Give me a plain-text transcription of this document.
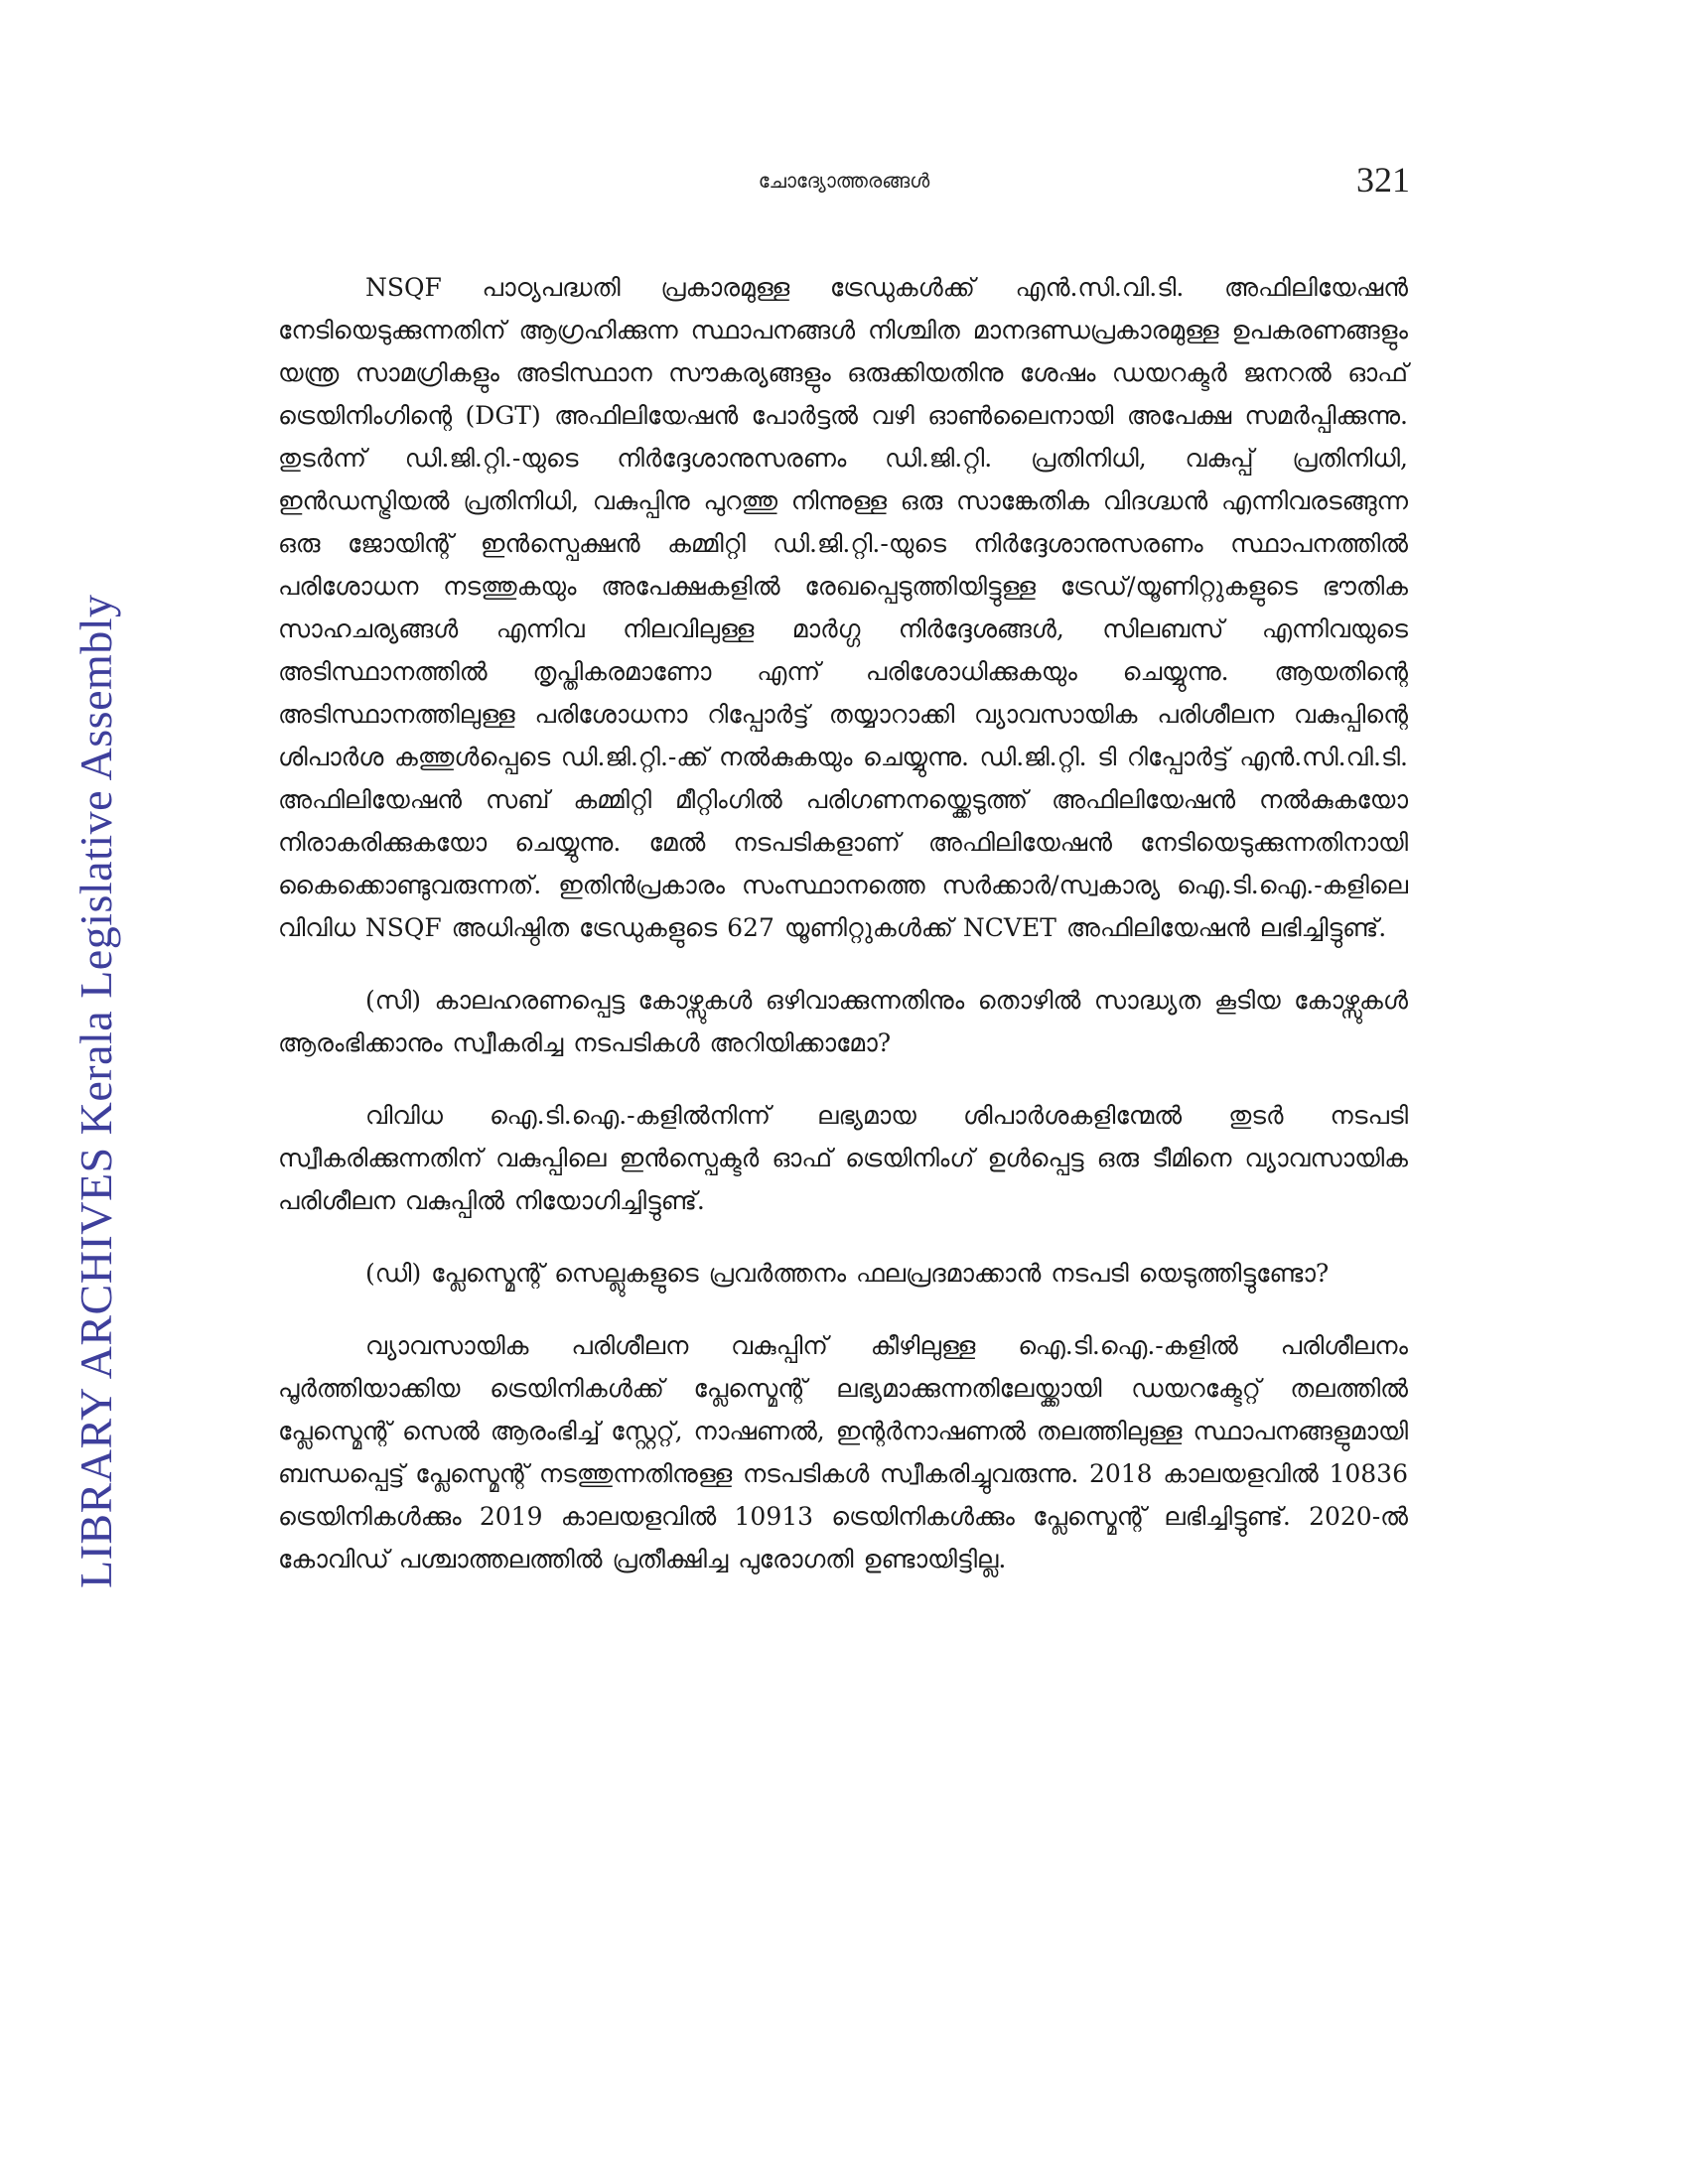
ചോദ്യോത്തരങ്ങൾ	321
LIBRARY ARCHIVES Kerala Legislative Assembly

NSQF പാഠ്യപദ്ധതി പ്രകാരമുള്ള ട്രേഡുകൾക്ക് എൻ.സി.വി.ടി. അഫിലിയേഷൻ നേടിയെടുക്കുന്നതിന് ആഗ്രഹിക്കുന്ന സ്ഥാപനങ്ങൾ നിശ്ചിത മാനദണ്ഡപ്രകാരമുള്ള ഉപകരണങ്ങളും യന്ത്ര സാമഗ്രികളും അടിസ്ഥാന സൗകര്യങ്ങളും ഒരുക്കിയതിനു ശേഷം ഡയറക്ടർ ജനറൽ ഓഫ് ട്രെയിനിംഗിന്റെ (DGT) അഫിലിയേഷൻ പോർട്ടൽ വഴി ഓൺലൈനായി അപേക്ഷ സമർപ്പിക്കുന്നു. തുടർന്ന് ഡി.ജി.റ്റി.-യുടെ നിർദ്ദേശാനുസരണം ഡി.ജി.റ്റി. പ്രതിനിധി, വകുപ്പ് പ്രതിനിധി, ഇൻഡസ്ട്രിയൽ പ്രതിനിധി, വകുപ്പിനു പുറത്തു നിന്നുള്ള ഒരു സാങ്കേതിക വിദഗ്ദ്ധൻ എന്നിവരടങ്ങുന്ന ഒരു ജോയിന്റ് ഇൻസ്പെക്ഷൻ കമ്മിറ്റി ഡി.ജി.റ്റി.-യുടെ നിർദ്ദേശാനുസരണം സ്ഥാപനത്തിൽ പരിശോധന നടത്തുകയും അപേക്ഷകളിൽ രേഖപ്പെടുത്തിയിട്ടുള്ള ട്രേഡ്/യൂണിറ്റുകളുടെ ഭൗതിക സാഹചര്യങ്ങൾ എന്നിവ നിലവിലുള്ള മാർഗ്ഗ നിർദ്ദേശങ്ങൾ, സിലബസ് എന്നിവയുടെ അടിസ്ഥാനത്തിൽ തൃപ്തികരമാണോ എന്ന് പരിശോധിക്കുകയും ചെയ്യുന്നു. ആയതിന്റെ അടിസ്ഥാനത്തിലുള്ള പരിശോധനാ റിപ്പോർട്ട് തയ്യാറാക്കി വ്യാവസായിക പരിശീലന വകുപ്പിന്റെ ശിപാർശ കത്തുൾപ്പെടെ ഡി.ജി.റ്റി.-ക്ക് നൽകുകയും ചെയ്യുന്നു. ഡി.ജി.റ്റി. ടി റിപ്പോർട്ട് എൻ.സി.വി.ടി. അഫിലിയേഷൻ സബ് കമ്മിറ്റി മീറ്റിംഗിൽ പരിഗണനയ്ക്കെടുത്ത് അഫിലിയേഷൻ നൽകുകയോ നിരാകരിക്കുകയോ ചെയ്യുന്നു. മേൽ നടപടികളാണ് അഫിലിയേഷൻ നേടിയെടുക്കുന്നതിനായി കൈക്കൊണ്ടുവരുന്നത്. ഇതിൻപ്രകാരം സംസ്ഥാനത്തെ സർക്കാർ/സ്വകാര്യ ഐ.ടി.ഐ.-കളിലെ വിവിധ NSQF അധിഷ്ഠിത ട്രേഡുകളുടെ 627 യൂണിറ്റുകൾക്ക് NCVET അഫിലിയേഷൻ ലഭിച്ചിട്ടുണ്ട്.

(സി) കാലഹരണപ്പെട്ട കോഴ്സുകൾ ഒഴിവാക്കുന്നതിനും തൊഴിൽ സാദ്ധ്യത കൂടിയ കോഴ്സുകൾ ആരംഭിക്കാനും സ്വീകരിച്ച നടപടികൾ അറിയിക്കാമോ?

വിവിധ ഐ.ടി.ഐ.-കളിൽനിന്ന് ലഭ്യമായ ശിപാർശകളിന്മേൽ തുടർ നടപടി സ്വീകരിക്കുന്നതിന് വകുപ്പിലെ ഇൻസ്പെക്ടർ ഓഫ് ട്രെയിനിംഗ് ഉൾപ്പെട്ട ഒരു ടീമിനെ വ്യാവസായിക പരിശീലന വകുപ്പിൽ നിയോഗിച്ചിട്ടുണ്ട്.

(ഡി) പ്ലേസ്മെന്റ് സെല്ലുകളുടെ പ്രവർത്തനം ഫലപ്രദമാക്കാൻ നടപടി യെടുത്തിട്ടുണ്ടോ?

വ്യാവസായിക പരിശീലന വകുപ്പിന് കീഴിലുള്ള ഐ.ടി.ഐ.-കളിൽ പരിശീലനം പൂർത്തിയാക്കിയ ട്രെയിനികൾക്ക് പ്ലേസ്മെന്റ് ലഭ്യമാക്കുന്നതിലേയ്ക്കായി ഡയറക്ടേറ്റ് തലത്തിൽ പ്ലേസ്മെന്റ് സെൽ ആരംഭിച്ച് സ്റ്റേറ്റ്, നാഷണൽ, ഇന്റർനാഷണൽ തലത്തിലുള്ള സ്ഥാപനങ്ങളുമായി ബന്ധപ്പെട്ട് പ്ലേസ്മെന്റ് നടത്തുന്നതിനുള്ള നടപടികൾ സ്വീകരിച്ചുവരുന്നു. 2018 കാലയളവിൽ 10836 ട്രെയിനികൾക്കും 2019 കാലയളവിൽ 10913 ട്രെയിനികൾക്കും പ്ലേസ്മെന്റ് ലഭിച്ചിട്ടുണ്ട്. 2020-ൽ കോവിഡ് പശ്ചാത്തലത്തിൽ പ്രതീക്ഷിച്ച പുരോഗതി ഉണ്ടായിട്ടില്ല.
